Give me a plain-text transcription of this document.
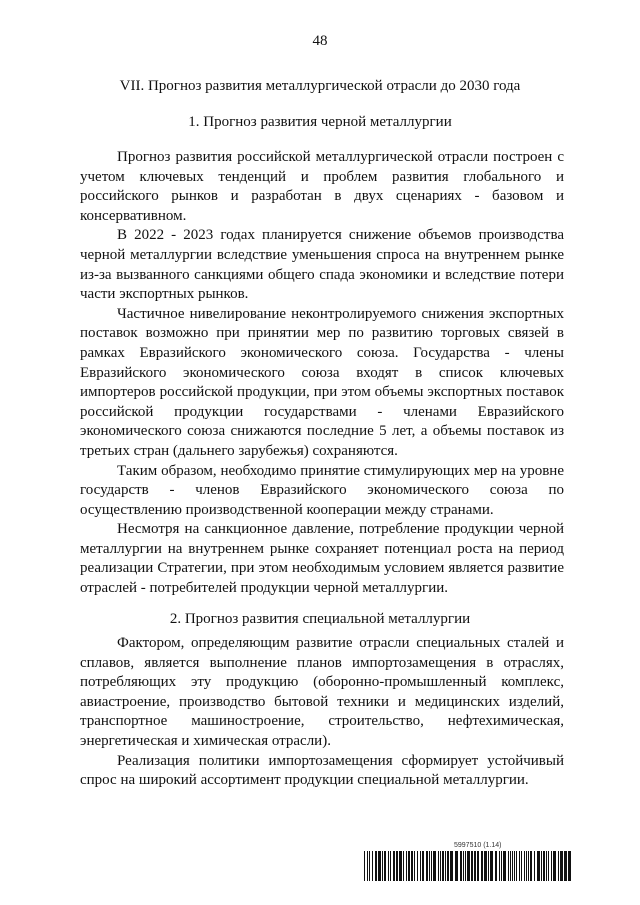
48
VII. Прогноз развития металлургической отрасли до 2030 года
1. Прогноз развития черной металлургии

Прогноз развития российской металлургической отрасли построен с учетом ключевых тенденций и проблем развития глобального и российского рынков и разработан в двух сценариях - базовом и консервативном.

В 2022 - 2023 годах планируется снижение объемов производства черной металлургии вследствие уменьшения спроса на внутреннем рынке из-за вызванного санкциями общего спада экономики и вследствие потери части экспортных рынков.

Частичное нивелирование неконтролируемого снижения экспортных поставок возможно при принятии мер по развитию торговых связей в рамках Евразийского экономического союза. Государства - члены Евразийского экономического союза входят в список ключевых импортеров российской продукции, при этом объемы экспортных поставок российской продукции государствами - членами Евразийского экономического союза снижаются последние 5 лет, а объемы поставок из третьих стран (дальнего зарубежья) сохраняются.

Таким образом, необходимо принятие стимулирующих мер на уровне государств - членов Евразийского экономического союза по осуществлению производственной кооперации между странами.

Несмотря на санкционное давление, потребление продукции черной металлургии на внутреннем рынке сохраняет потенциал роста на период реализации Стратегии, при этом необходимым условием является развитие отраслей - потребителей продукции черной металлургии.

2. Прогноз развития специальной металлургии

Фактором, определяющим развитие отрасли специальных сталей и сплавов, является выполнение планов импортозамещения в отраслях, потребляющих эту продукцию (оборонно-промышленный комплекс, авиастроение, производство бытовой техники и медицинских изделий, транспортное машиностроение, строительство, нефтехимическая, энергетическая и химическая отрасли).

Реализация политики импортозамещения сформирует устойчивый спрос на широкий ассортимент продукции специальной металлургии.

5997510 (1.14)
